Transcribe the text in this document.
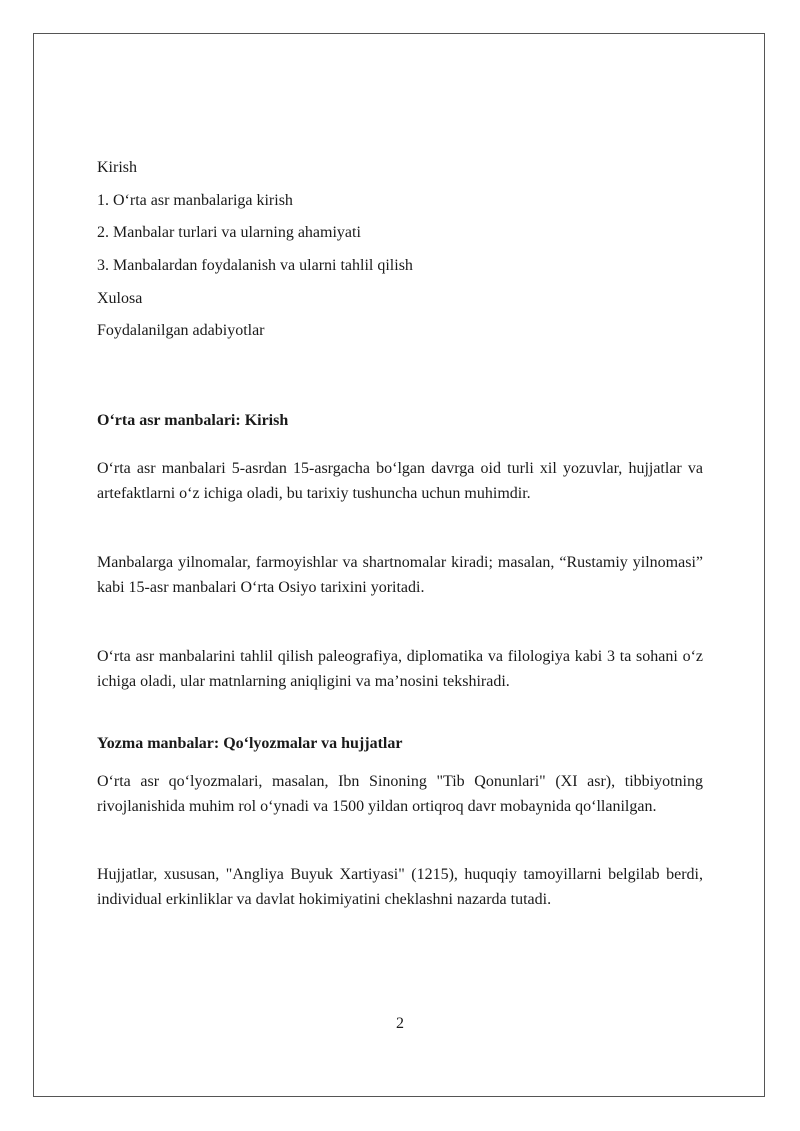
Kirish

1. O‘rta asr manbalariga kirish

2. Manbalar turlari va ularning ahamiyati

3. Manbalardan foydalanish va ularni tahlil qilish

Xulosa

Foydalanilgan adabiyotlar

O‘rta asr manbalari: Kirish

O‘rta asr manbalari 5-asrdan 15-asrgacha bo‘lgan davrga oid turli xil yozuvlar, hujjatlar va artefaktlarni o‘z ichiga oladi, bu tarixiy tushuncha uchun muhimdir.

Manbalarga yilnomalar, farmoyishlar va shartnomalar kiradi; masalan, “Rustamiy yilnomasi” kabi 15-asr manbalari O‘rta Osiyo tarixini yoritadi.

O‘rta asr manbalarini tahlil qilish paleografiya, diplomatika va filologiya kabi 3 ta sohani o‘z ichiga oladi, ular matnlarning aniqligini va ma’nosini tekshiradi.

Yozma manbalar: Qo‘lyozmalar va hujjatlar

O‘rta asr qo‘lyozmalari, masalan, Ibn Sinoning "Tib Qonunlari" (XI asr), tibbiyotning rivojlanishida muhim rol o‘ynadi va 1500 yildan ortiqroq davr mobaynida qo‘llanilgan.

Hujjatlar, xususan, "Angliya Buyuk Xartiyasi" (1215), huquqiy tamoyillarni belgilab berdi, individual erkinliklar va davlat hokimiyatini cheklashni nazarda tutadi.

2
